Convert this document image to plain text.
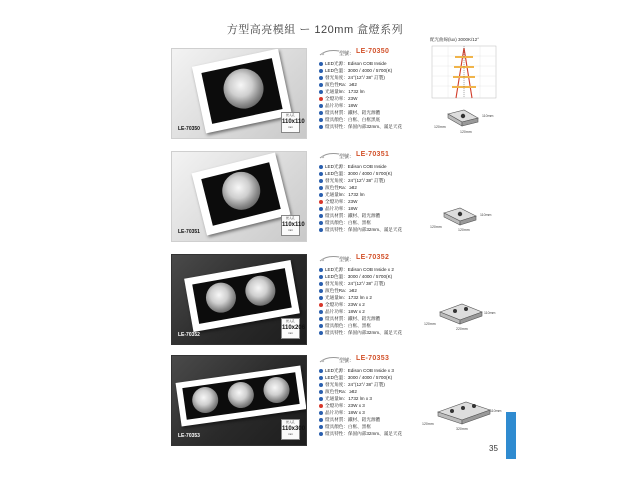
方型高亮模組 ー 120mm 盒燈系列
LE-70350
崁入孔
110x110
mm
型號： LE-70350
LED光源：Edison COB Inside
LED色溫：3000 / 4000 / 5700(K)
發光角度：24°(12°/ 38° 訂製)
演色性Ra：≥82
光通量lm：1732 lm
全燈功率：23W
晶片功率：18W
燈具材質：鐵材、鋁光源體
燈具顏色：白框、白框黑底
燈具特性：保固內部32mm、滿足天花
配光曲線(lux) 3000K/12°
120mm
120mm
110mm
LE-70351
崁入孔
110x110
mm
型號： LE-70351
LED光源：Edison COB Inside
LED色溫：3000 / 4000 / 5700(K)
發光角度：24°(12°/ 38° 訂製)
演色性Ra：≥82
光通量lm：1732 lm
全燈功率：23W
晶片功率：18W
燈具材質：鐵材、鋁光源體
燈具顏色：白框、黑框
燈具特性：保固內部32mm、滿足天花	120mm
120mm
110mm
LE-70352
崁入孔
110x206
mm
型號： LE-70352
LED光源：Edison COB Inside x 2
LED色溫：3000 / 4000 / 5700(K)
發光角度：24°(12°/ 38° 訂製)
演色性Ra：≥82
光通量lm：1732 lm x 2
全燈功率：23W x 2
晶片功率：18W x 2
燈具材質：鐵材、鋁光源體
燈具顏色：白框、黑框
燈具特性：保固內部32mm、滿足天花
120mm
220mm
110mm
LE-70353
崁入孔
110x300
mm
型號： LE-70353
LED光源：Edison COB Inside x 3
LED色溫：3000 / 4000 / 5700(K)
發光角度：24°(12°/ 38° 訂製)
演色性Ra：≥82
光通量lm：1732 lm x 3
全燈功率：23W x 3
晶片功率：18W x 3
燈具材質：鐵材、鋁光源體
燈具顏色：白框、黑框
燈具特性：保固內部32mm、滿足天花
120mm
320mm
110mm
35
